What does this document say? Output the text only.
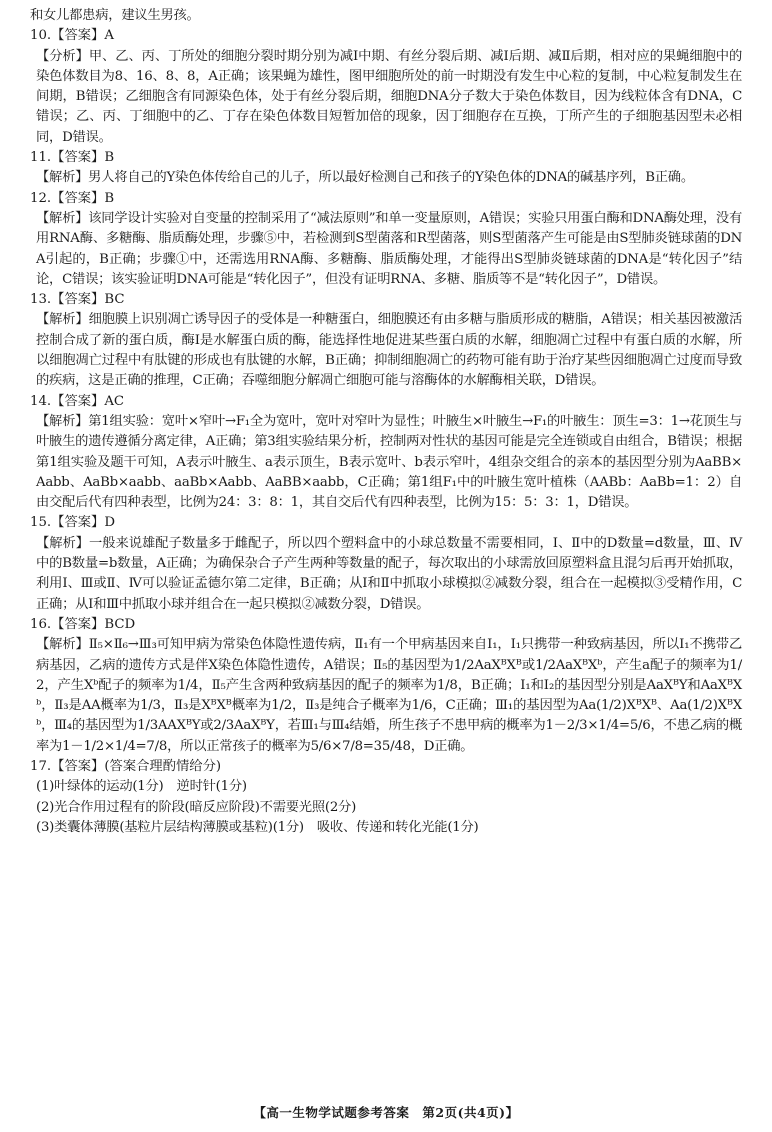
和女儿都患病，建议生男孩。

10.【答案】A

【分析】甲、乙、丙、丁所处的细胞分裂时期分别为减Ⅰ中期、有丝分裂后期、减Ⅰ后期、减Ⅱ后期，相对应的果蝇细胞中的染色体数目为8、16、8、8，A正确；该果蝇为雄性，图甲细胞所处的前一时期没有发生中心粒的复制，中心粒复制发生在间期，B错误；乙细胞含有同源染色体，处于有丝分裂后期，细胞DNA分子数大于染色体数目，因为线粒体含有DNA，C错误；乙、丙、丁细胞中的乙、丁存在染色体数目短暂加倍的现象，因丁细胞存在互换，丁所产生的子细胞基因型未必相同，D错误。

11.【答案】B

【解析】男人将自己的Y染色体传给自己的儿子，所以最好检测自己和孩子的Y染色体的DNA的碱基序列，B正确。

12.【答案】B

【解析】该同学设计实验对自变量的控制采用了“减法原则”和单一变量原则，A错误；实验只用蛋白酶和DNA酶处理，没有用RNA酶、多糖酶、脂质酶处理，步骤⑤中，若检测到S型菌落和R型菌落，则S型菌落产生可能是由S型肺炎链球菌的DNA引起的，B正确；步骤①中，还需选用RNA酶、多糖酶、脂质酶处理，才能得出S型肺炎链球菌的DNA是“转化因子”结论，C错误；该实验证明DNA可能是“转化因子”，但没有证明RNA、多糖、脂质等不是“转化因子”，D错误。

13.【答案】BC

【解析】细胞膜上识别凋亡诱导因子的受体是一种糖蛋白，细胞膜还有由多糖与脂质形成的糖脂，A错误；相关基因被激活控制合成了新的蛋白质，酶Ⅰ是水解蛋白质的酶，能选择性地促进某些蛋白质的水解，细胞凋亡过程中有蛋白质的水解，所以细胞凋亡过程中有肽键的形成也有肽键的水解，B正确；抑制细胞凋亡的药物可能有助于治疗某些因细胞凋亡过度而导致的疾病，这是正确的推理，C正确；吞噬细胞分解凋亡细胞可能与溶酶体的水解酶相关联，D错误。

14.【答案】AC

【解析】第1组实验：宽叶×窄叶→F₁全为宽叶，宽叶对窄叶为显性；叶腋生×叶腋生→F₁的叶腋生：顶生=3：1→花顶生与叶腋生的遗传遵循分离定律，A正确；第3组实验结果分析，控制两对性状的基因可能是完全连锁或自由组合，B错误；根据第1组实验及题干可知，A表示叶腋生、a表示顶生，B表示宽叶、b表示窄叶，4组杂交组合的亲本的基因型分别为AaBB×Aabb、AaBb×aabb、aaBb×Aabb、AaBB×aabb，C正确；第1组F₁中的叶腋生宽叶植株（AABb：AaBb=1：2）自由交配后代有四种表型，比例为24：3：8：1，其自交后代有四种表型，比例为15：5：3：1，D错误。

15.【答案】D

【解析】一般来说雄配子数量多于雌配子，所以四个塑料盒中的小球总数量不需要相同，Ⅰ、Ⅱ中的D数量=d数量，Ⅲ、Ⅳ中的B数量=b数量，A正确；为确保杂合子产生两种等数量的配子，每次取出的小球需放回原塑料盒且混匀后再开始抓取，利用Ⅰ、Ⅲ或Ⅱ、Ⅳ可以验证孟德尔第二定律，B正确；从Ⅰ和Ⅱ中抓取小球模拟②减数分裂，组合在一起模拟③受精作用，C正确；从Ⅰ和Ⅲ中抓取小球并组合在一起只模拟②减数分裂，D错误。

16.【答案】BCD

【解析】Ⅱ₅×Ⅱ₆→Ⅲ₃可知甲病为常染色体隐性遗传病，Ⅱ₁有一个甲病基因来自Ⅰ₁，Ⅰ₁只携带一种致病基因，所以Ⅰ₁不携带乙病基因，乙病的遗传方式是伴X染色体隐性遗传，A错误；Ⅱ₅的基因型为1/2AaXᴮXᴮ或1/2AaXᴮXᵇ，产生a配子的频率为1/2，产生Xᵇ配子的频率为1/4，Ⅱ₅产生含两种致病基因的配子的频率为1/8，B正确；Ⅰ₁和Ⅰ₂的基因型分别是AaXᴮY和AaXᴮXᵇ，Ⅱ₃是AA概率为1/3，Ⅱ₃是XᴮXᴮ概率为1/2，Ⅱ₃是纯合子概率为1/6，C正确；Ⅲ₁的基因型为Aa(1/2)XᴮXᴮ、Aa(1/2)XᴮXᵇ，Ⅲ₄的基因型为1/3AAXᴮY或2/3AaXᴮY，若Ⅲ₁与Ⅲ₄结婚，所生孩子不患甲病的概率为1－2/3×1/4=5/6，不患乙病的概率为1－1/2×1/4=7/8，所以正常孩子的概率为5/6×7/8=35/48，D正确。

17.【答案】(答案合理酌情给分)

(1)叶绿体的运动(1分)　逆时针(1分)

(2)光合作用过程有的阶段(暗反应阶段)不需要光照(2分)

(3)类囊体薄膜(基粒片层结构薄膜或基粒)(1分)　吸收、传递和转化光能(1分)

【高一生物学试题参考答案　第2页(共4页)】
